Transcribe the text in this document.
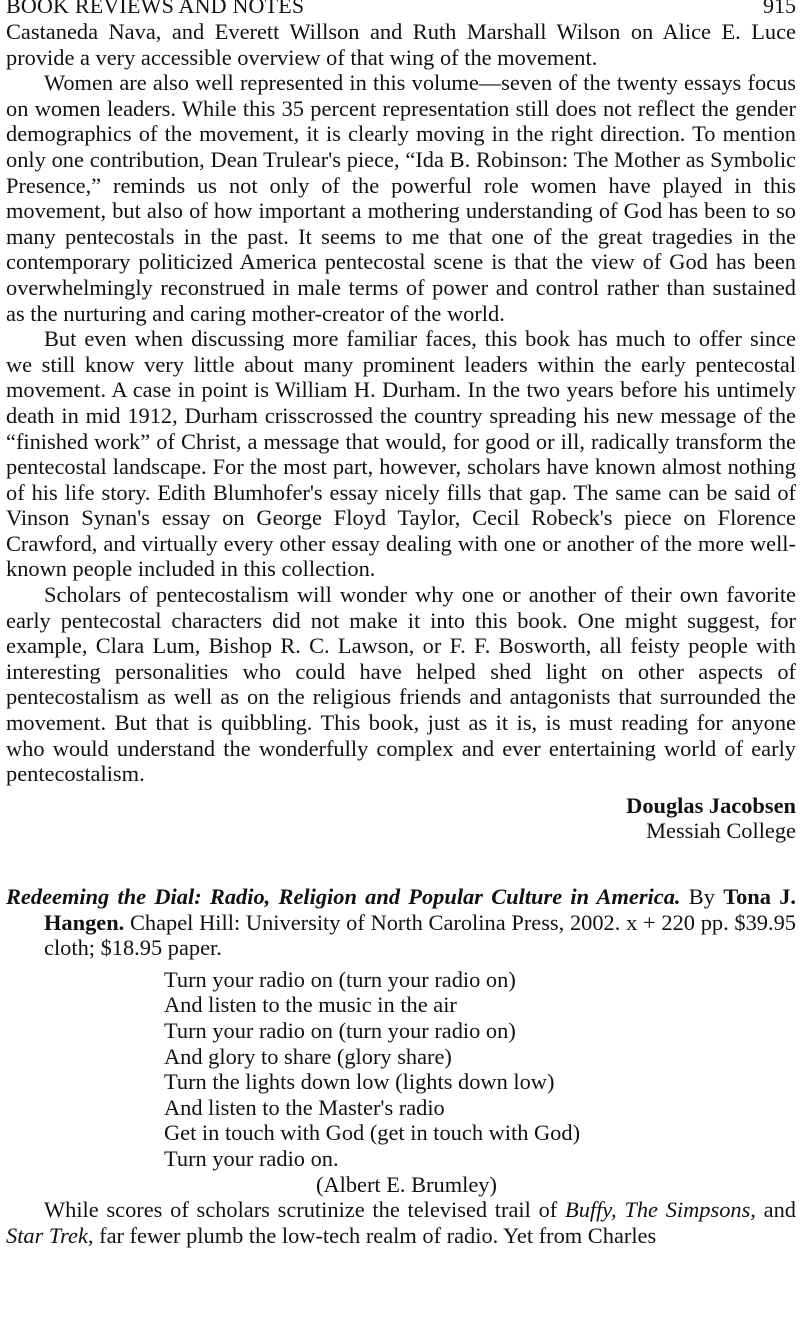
BOOK REVIEWS AND NOTES	915

Castaneda Nava, and Everett Willson and Ruth Marshall Wilson on Alice E. Luce provide a very accessible overview of that wing of the movement.

Women are also well represented in this volume—seven of the twenty essays focus on women leaders. While this 35 percent representation still does not reflect the gender demographics of the movement, it is clearly moving in the right direction. To mention only one contribution, Dean Trulear's piece, “Ida B. Robinson: The Mother as Symbolic Presence,” reminds us not only of the powerful role women have played in this movement, but also of how important a mothering understanding of God has been to so many pentecostals in the past. It seems to me that one of the great tragedies in the contemporary politicized America pentecostal scene is that the view of God has been overwhelmingly reconstrued in male terms of power and control rather than sustained as the nurturing and caring mother-creator of the world.

But even when discussing more familiar faces, this book has much to offer since we still know very little about many prominent leaders within the early pentecostal movement. A case in point is William H. Durham. In the two years before his untimely death in mid 1912, Durham crisscrossed the country spreading his new message of the “finished work” of Christ, a message that would, for good or ill, radically transform the pentecostal landscape. For the most part, however, scholars have known almost nothing of his life story. Edith Blumhofer's essay nicely fills that gap. The same can be said of Vinson Synan's essay on George Floyd Taylor, Cecil Robeck's piece on Florence Crawford, and virtually every other essay dealing with one or another of the more well-known people included in this collection.

Scholars of pentecostalism will wonder why one or another of their own favorite early pentecostal characters did not make it into this book. One might suggest, for example, Clara Lum, Bishop R. C. Lawson, or F. F. Bosworth, all feisty people with interesting personalities who could have helped shed light on other aspects of pentecostalism as well as on the religious friends and antagonists that surrounded the movement. But that is quibbling. This book, just as it is, is must reading for anyone who would understand the wonderfully complex and ever entertaining world of early pentecostalism.

Douglas Jacobsen
Messiah College

Redeeming the Dial: Radio, Religion and Popular Culture in America. By Tona J. Hangen. Chapel Hill: University of North Carolina Press, 2002. x + 220 pp. $39.95 cloth; $18.95 paper.

Turn your radio on (turn your radio on)
And listen to the music in the air
Turn your radio on (turn your radio on)
And glory to share (glory share)
Turn the lights down low (lights down low)
And listen to the Master's radio
Get in touch with God (get in touch with God)
Turn your radio on.
(Albert E. Brumley)

While scores of scholars scrutinize the televised trail of Buffy, The Simpsons, and Star Trek, far fewer plumb the low-tech realm of radio. Yet from Charles
